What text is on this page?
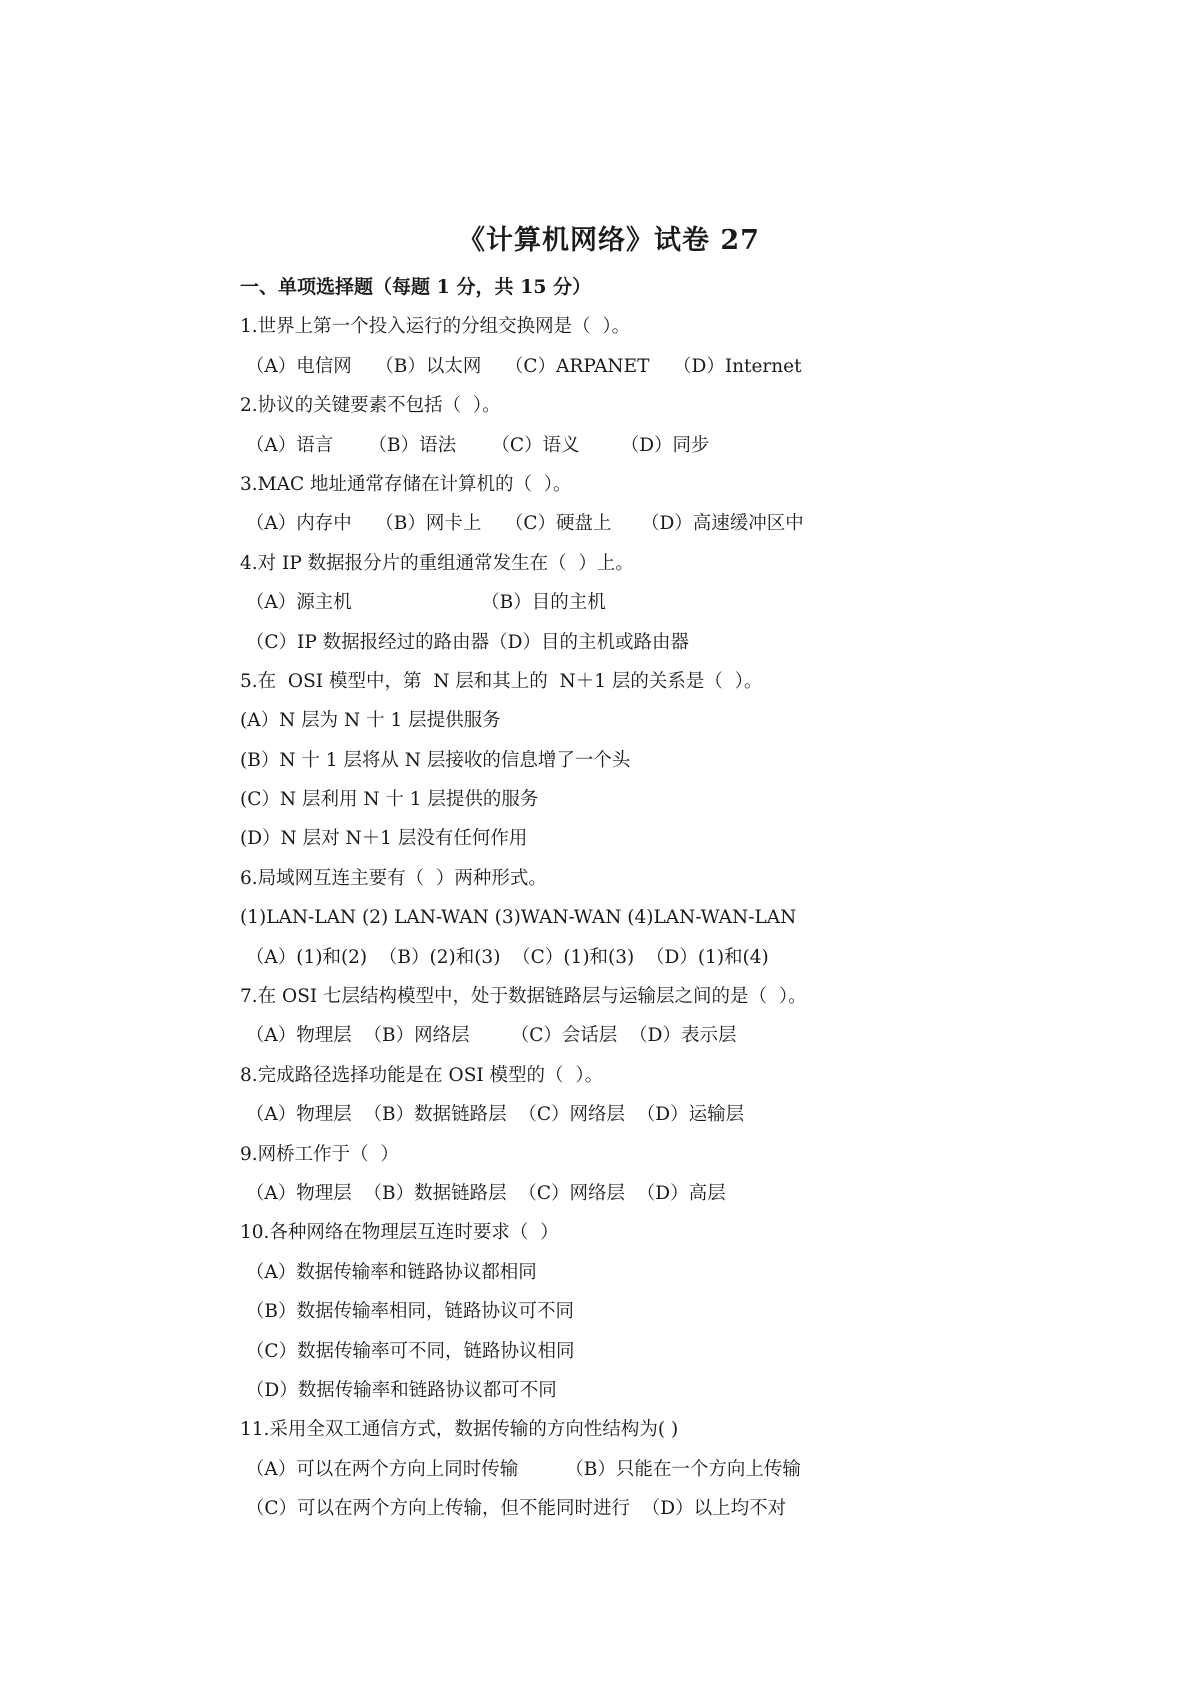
《计算机网络》试卷 27
一、单项选择题（每题 1 分，共 15 分）
1.世界上第一个投入运行的分组交换网是（  ）。
（A）电信网    （B）以太网    （C）ARPANET    （D）Internet
2.协议的关键要素不包括（  ）。
（A）语言      （B）语法      （C）语义       （D）同步
3.MAC 地址通常存储在计算机的（  ）。
（A）内存中    （B）网卡上    （C）硬盘上     （D）高速缓冲区中
4.对 IP 数据报分片的重组通常发生在（  ）上。
（A）源主机                      （B）目的主机
（C）IP 数据报经过的路由器（D）目的主机或路由器
5.在  OSI 模型中，第  N 层和其上的  N＋1 层的关系是（  ）。
(A）N 层为 N 十 1 层提供服务
(B）N 十 1 层将从 N 层接收的信息增了一个头
(C）N 层利用 N 十 1 层提供的服务
(D）N 层对 N＋1 层没有任何作用
6.局域网互连主要有（  ）两种形式。
(1)LAN-LAN (2) LAN-WAN (3)WAN-WAN (4)LAN-WAN-LAN
（A）(1)和(2)  （B）(2)和(3)  （C）(1)和(3)  （D）(1)和(4)
7.在 OSI 七层结构模型中，处于数据链路层与运输层之间的是（  ）。
（A）物理层  （B）网络层       （C）会话层  （D）表示层
8.完成路径选择功能是在 OSI 模型的（  ）。
（A）物理层  （B）数据链路层  （C）网络层  （D）运输层
9.网桥工作于（  ）
（A）物理层  （B）数据链路层  （C）网络层  （D）高层
10.各种网络在物理层互连时要求（  ）
（A）数据传输率和链路协议都相同
（B）数据传输率相同，链路协议可不同
（C）数据传输率可不同，链路协议相同
（D）数据传输率和链路协议都可不同
11.采用全双工通信方式，数据传输的方向性结构为( )
（A）可以在两个方向上同时传输        （B）只能在一个方向上传输
（C）可以在两个方向上传输，但不能同时进行  （D）以上均不对
